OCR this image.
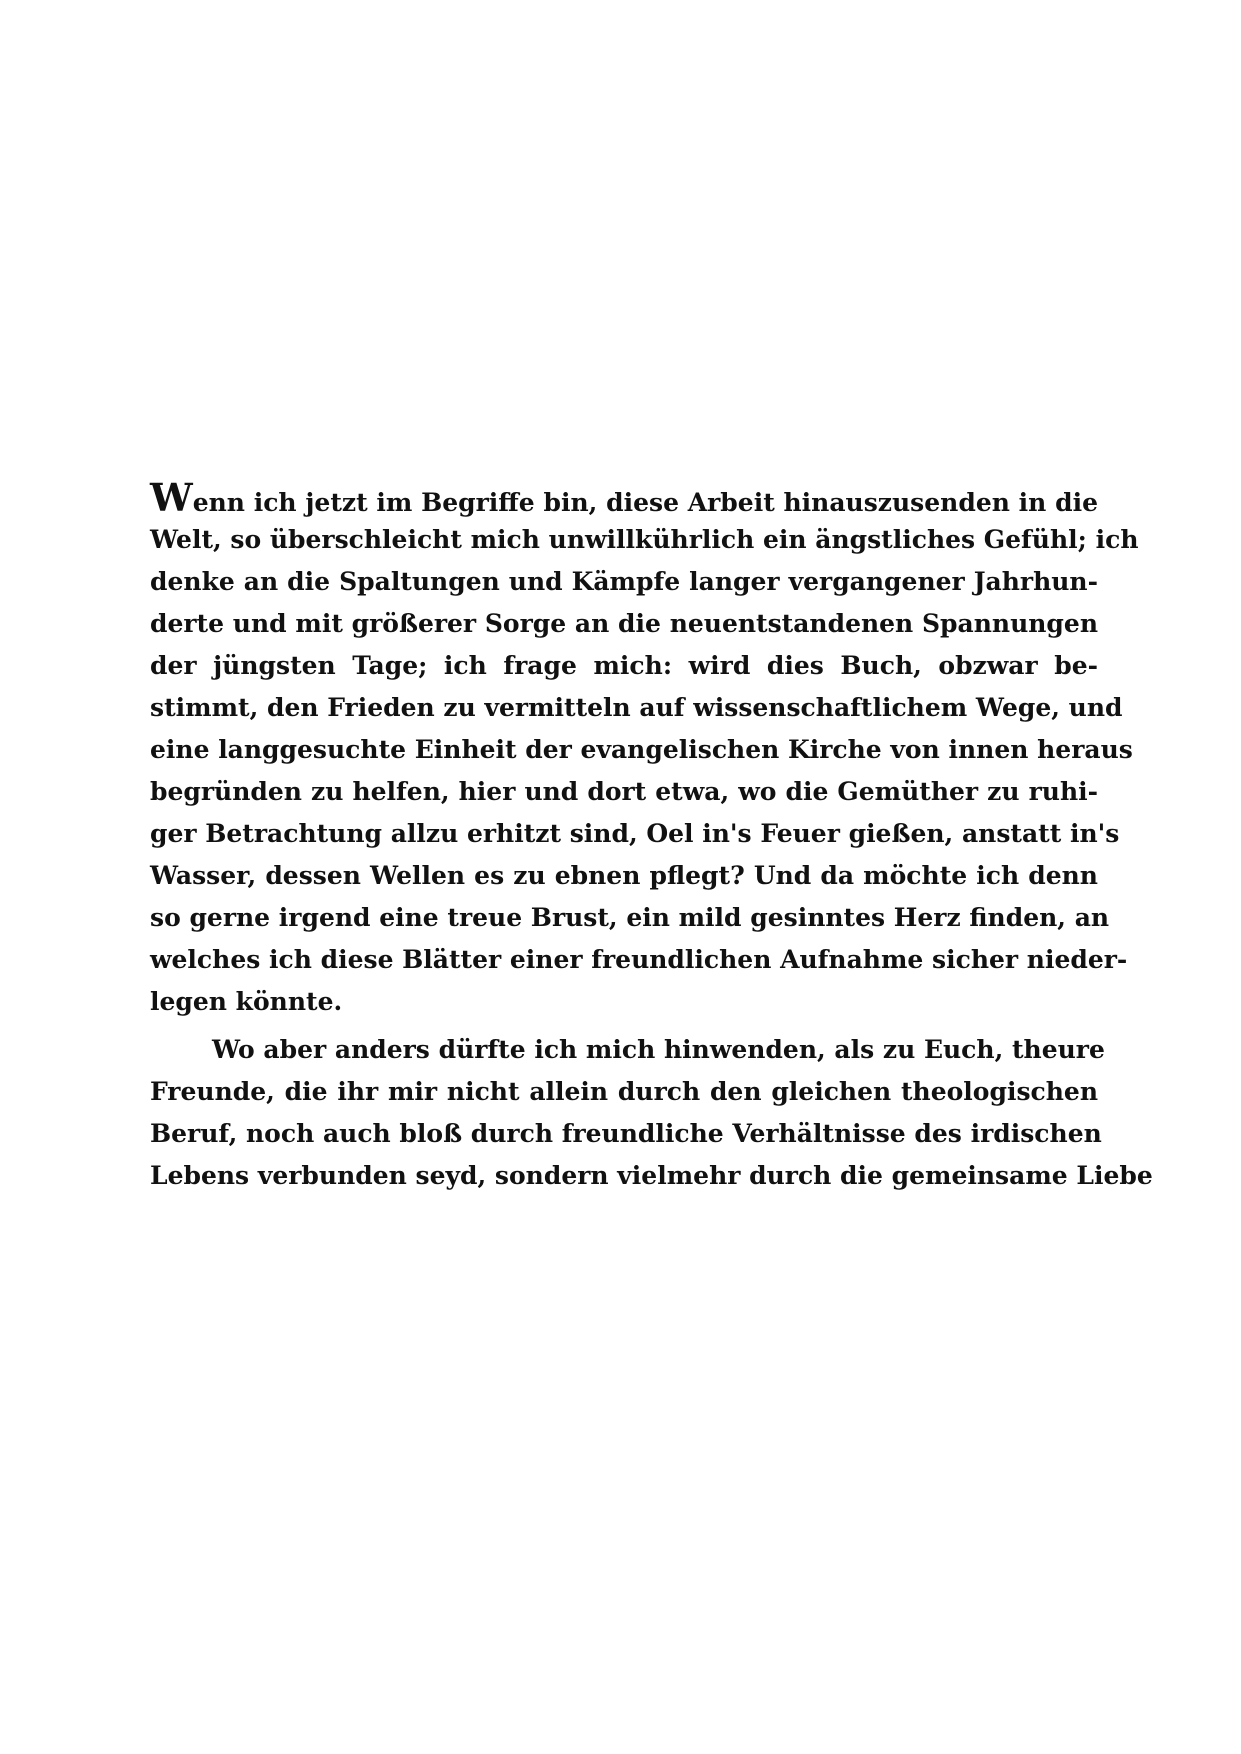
Wenn ich jetzt im Begriffe bin, diese Arbeit hinauszusenden in die
Welt, so überschleicht mich unwillkührlich ein ängstliches Gefühl; ich
denke an die Spaltungen und Kämpfe langer vergangener Jahrhun-
derte und mit größerer Sorge an die neuentstandenen Spannungen
der jüngsten Tage; ich frage mich: wird dies Buch, obzwar be-
stimmt, den Frieden zu vermitteln auf wissenschaftlichem Wege, und
eine langgesuchte Einheit der evangelischen Kirche von innen heraus
begründen zu helfen, hier und dort etwa, wo die Gemüther zu ruhi-
ger Betrachtung allzu erhitzt sind, Oel in's Feuer gießen, anstatt in's
Wasser, dessen Wellen es zu ebnen pflegt? Und da möchte ich denn
so gerne irgend eine treue Brust, ein mild gesinntes Herz finden, an
welches ich diese Blätter einer freundlichen Aufnahme sicher nieder-
legen könnte.
Wo aber anders dürfte ich mich hinwenden, als zu Euch, theure
Freunde, die ihr mir nicht allein durch den gleichen theologischen
Beruf, noch auch bloß durch freundliche Verhältnisse des irdischen
Lebens verbunden seyd, sondern vielmehr durch die gemeinsame Liebe
